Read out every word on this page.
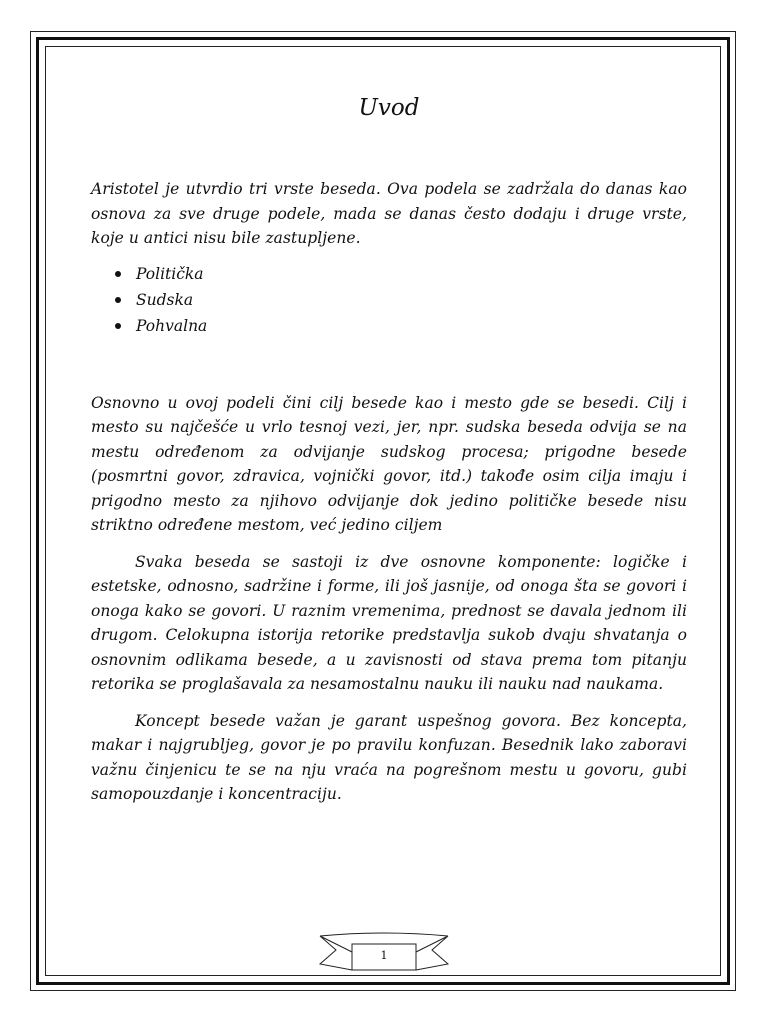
Uvod

Aristotel je utvrdio tri vrste beseda. Ova podela se zadržala do danas kao osnova za sve druge podele, mada se danas često dodaju i druge vrste, koje u antici nisu bile zastupljene.

Politička
Sudska
Pohvalna

Osnovno u ovoj podeli čini cilj besede kao i mesto gde se besedi. Cilj i mesto su najčešće u vrlo tesnoj vezi, jer, npr. sudska beseda odvija se na mestu određenom za odvijanje sudskog procesa; prigodne besede (posmrtni govor, zdravica, vojnički govor, itd.) takođe osim cilja imaju i prigodno mesto za njihovo odvijanje dok jedino političke besede nisu striktno određene mestom, već jedino ciljem

Svaka beseda se sastoji iz dve osnovne komponente: logičke i estetske, odnosno, sadržine i forme, ili još jasnije, od onoga šta se govori i onoga kako se govori. U raznim vremenima, prednost se davala jednom ili drugom. Celokupna istorija retorike predstavlja sukob dvaju shvatanja o osnovnim odlikama besede, a u zavisnosti od stava prema tom pitanju retorika se proglašavala za nesamostalnu nauku ili nauku nad naukama.

Koncept besede važan je garant uspešnog govora. Bez koncepta, makar i najgrubljeg, govor je po pravilu konfuzan. Besednik lako zaboravi važnu činjenicu te se na nju vraća na pogrešnom mestu u govoru, gubi samopouzdanje i koncentraciju.

1
